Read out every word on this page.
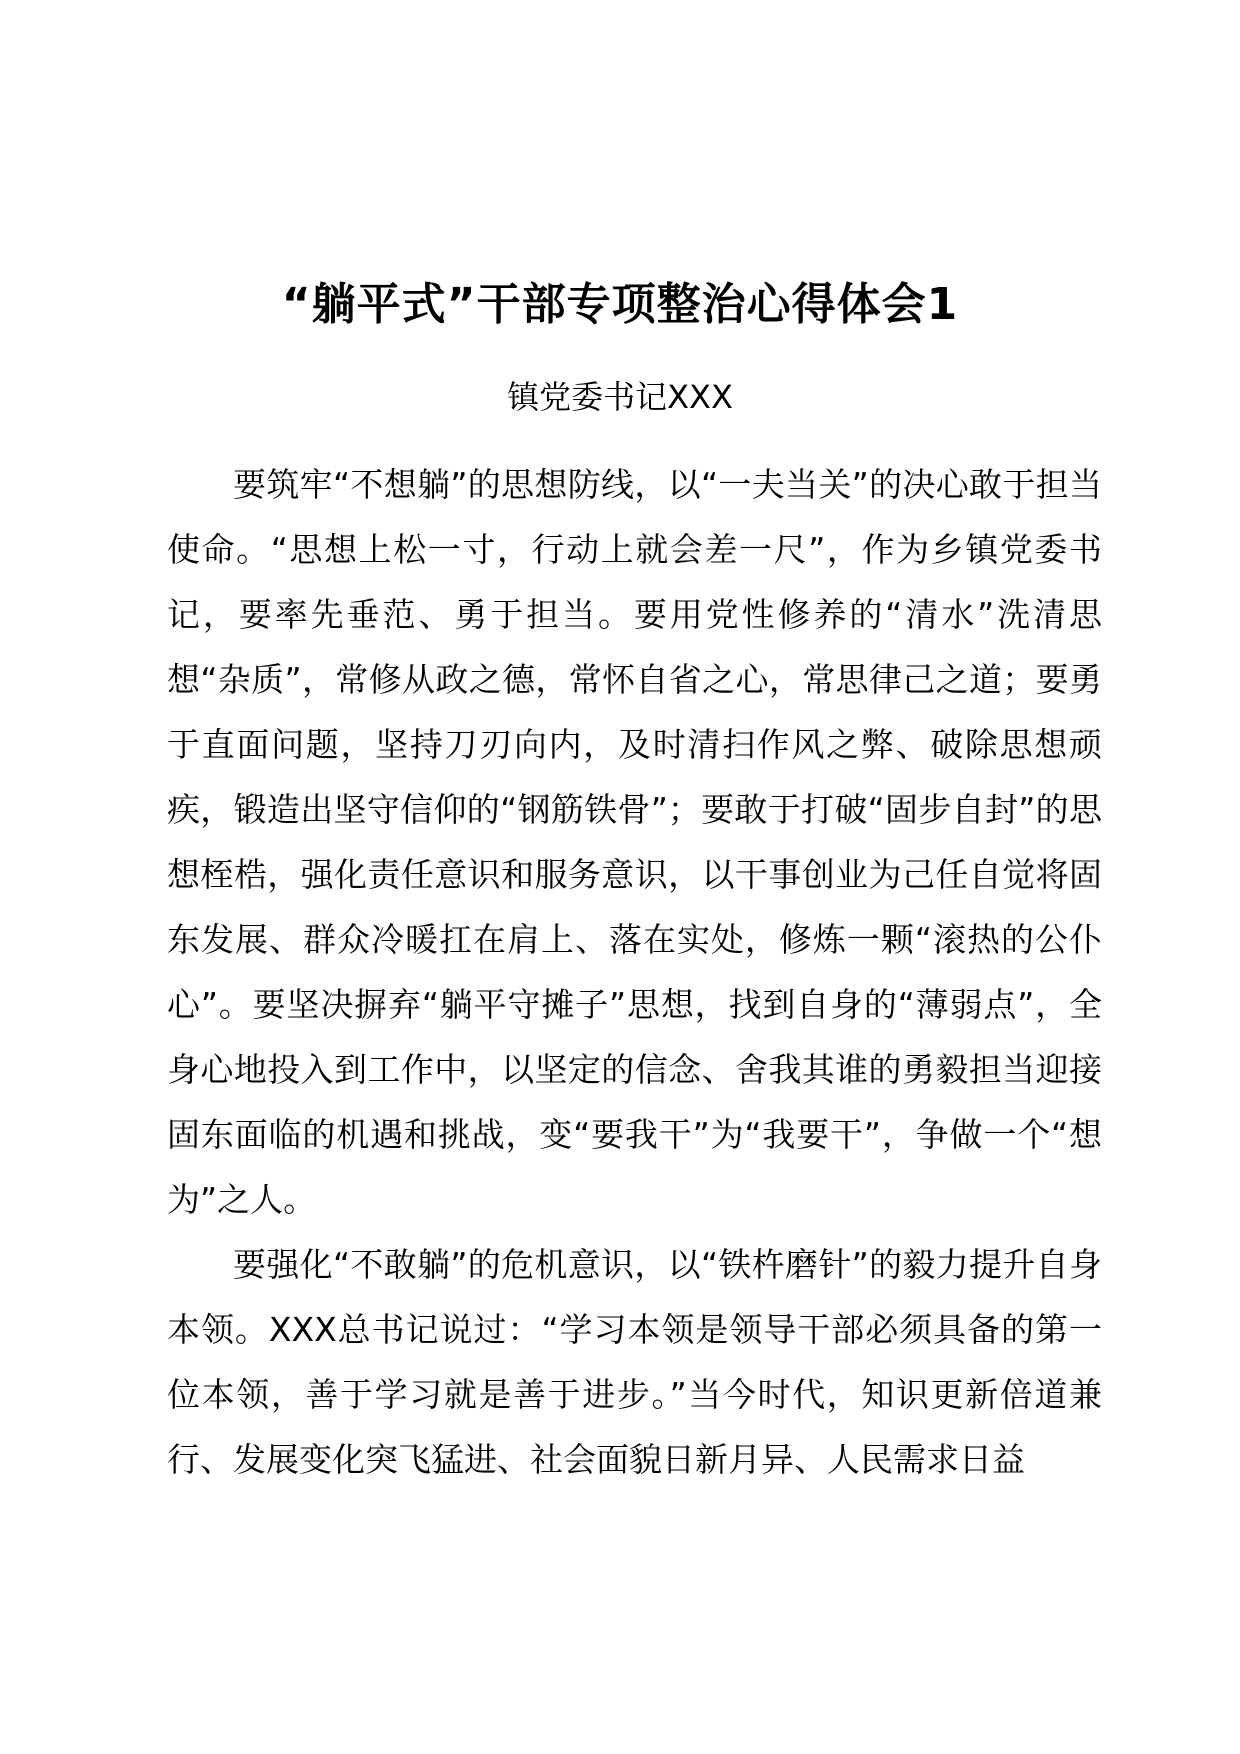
“躺平式”干部专项整治心得体会1
镇党委书记XXX

要筑牢“不想躺”的思想防线，以“一夫当关”的决心敢于担当使命。“思想上松一寸，行动上就会差一尺”，作为乡镇党委书记，要率先垂范、勇于担当。要用党性修养的“清水”洗清思想“杂质”，常修从政之德，常怀自省之心，常思律己之道；要勇于直面问题，坚持刀刃向内，及时清扫作风之弊、破除思想顽疾，锻造出坚守信仰的“钢筋铁骨”；要敢于打破“固步自封”的思想桎梏，强化责任意识和服务意识，以干事创业为己任自觉将固东发展、群众冷暖扛在肩上、落在实处，修炼一颗“滚热的公仆心”。要坚决摒弃“躺平守摊子”思想，找到自身的“薄弱点”，全身心地投入到工作中，以坚定的信念、舍我其谁的勇毅担当迎接固东面临的机遇和挑战，变“要我干”为“我要干”，争做一个“想为”之人。

要强化“不敢躺”的危机意识，以“铁杵磨针”的毅力提升自身本领。XXX总书记说过：“学习本领是领导干部必须具备的第一位本领，善于学习就是善于进步。”当今时代，知识更新倍道兼行、发展变化突飞猛进、社会面貌日新月异、人民需求日益
